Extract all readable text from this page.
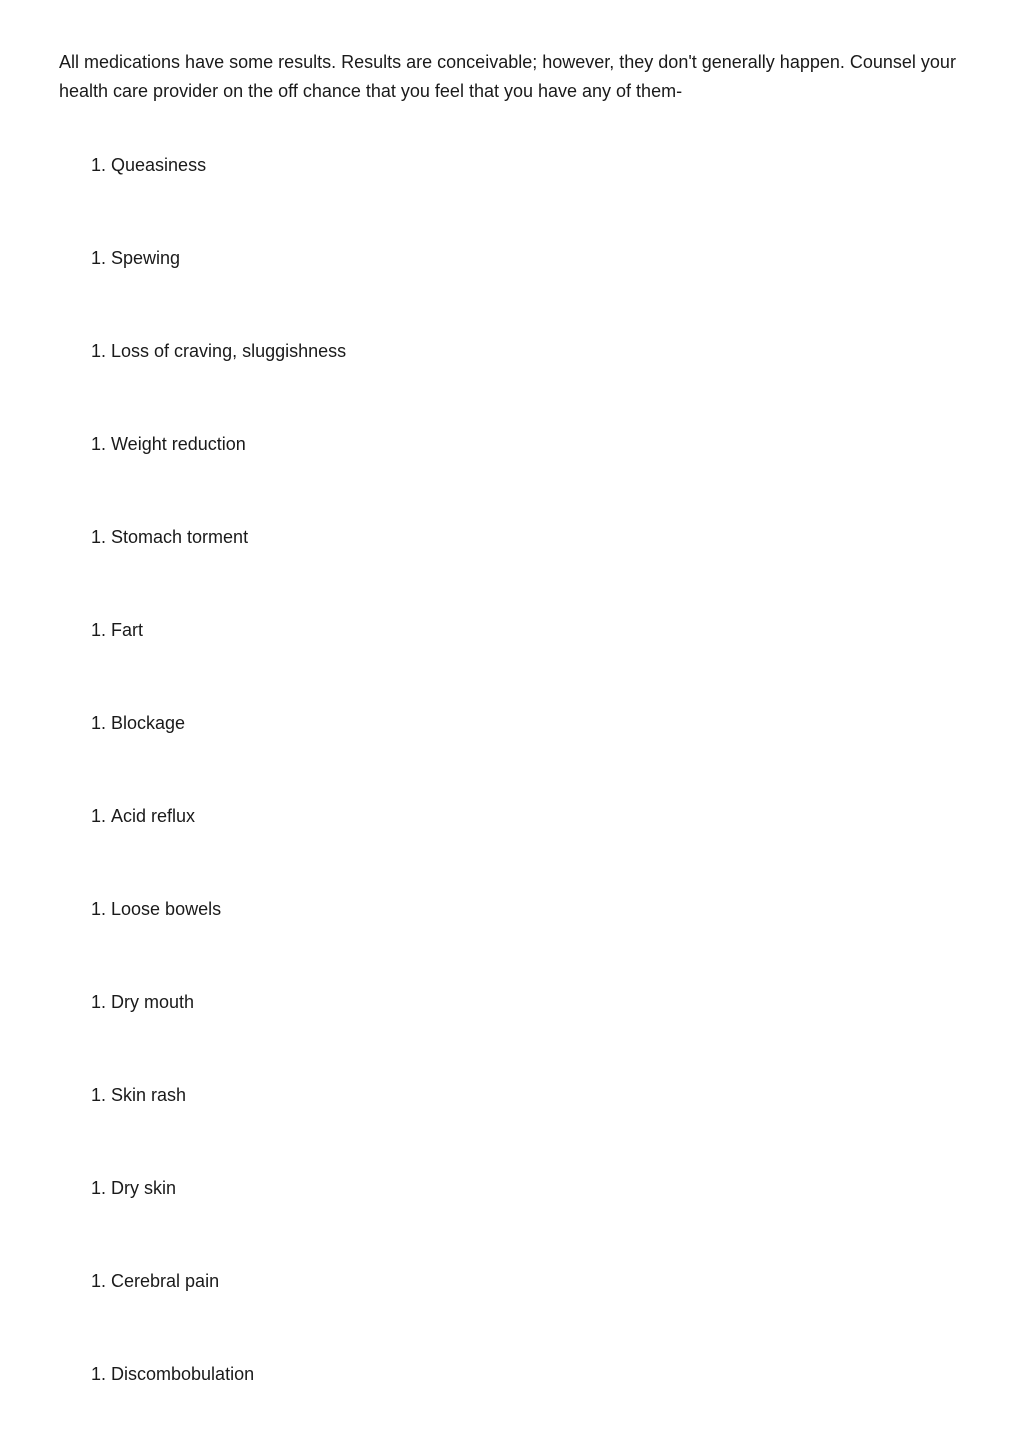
All medications have some results. Results are conceivable; however, they don't generally happen. Counsel your health care provider on the off chance that you feel that you have any of them-

1. Queasiness
1. Spewing
1. Loss of craving, sluggishness
1. Weight reduction
1. Stomach torment
1. Fart
1. Blockage
1. Acid reflux
1. Loose bowels
1. Dry mouth
1. Skin rash
1. Dry skin
1. Cerebral pain
1. Discombobulation
